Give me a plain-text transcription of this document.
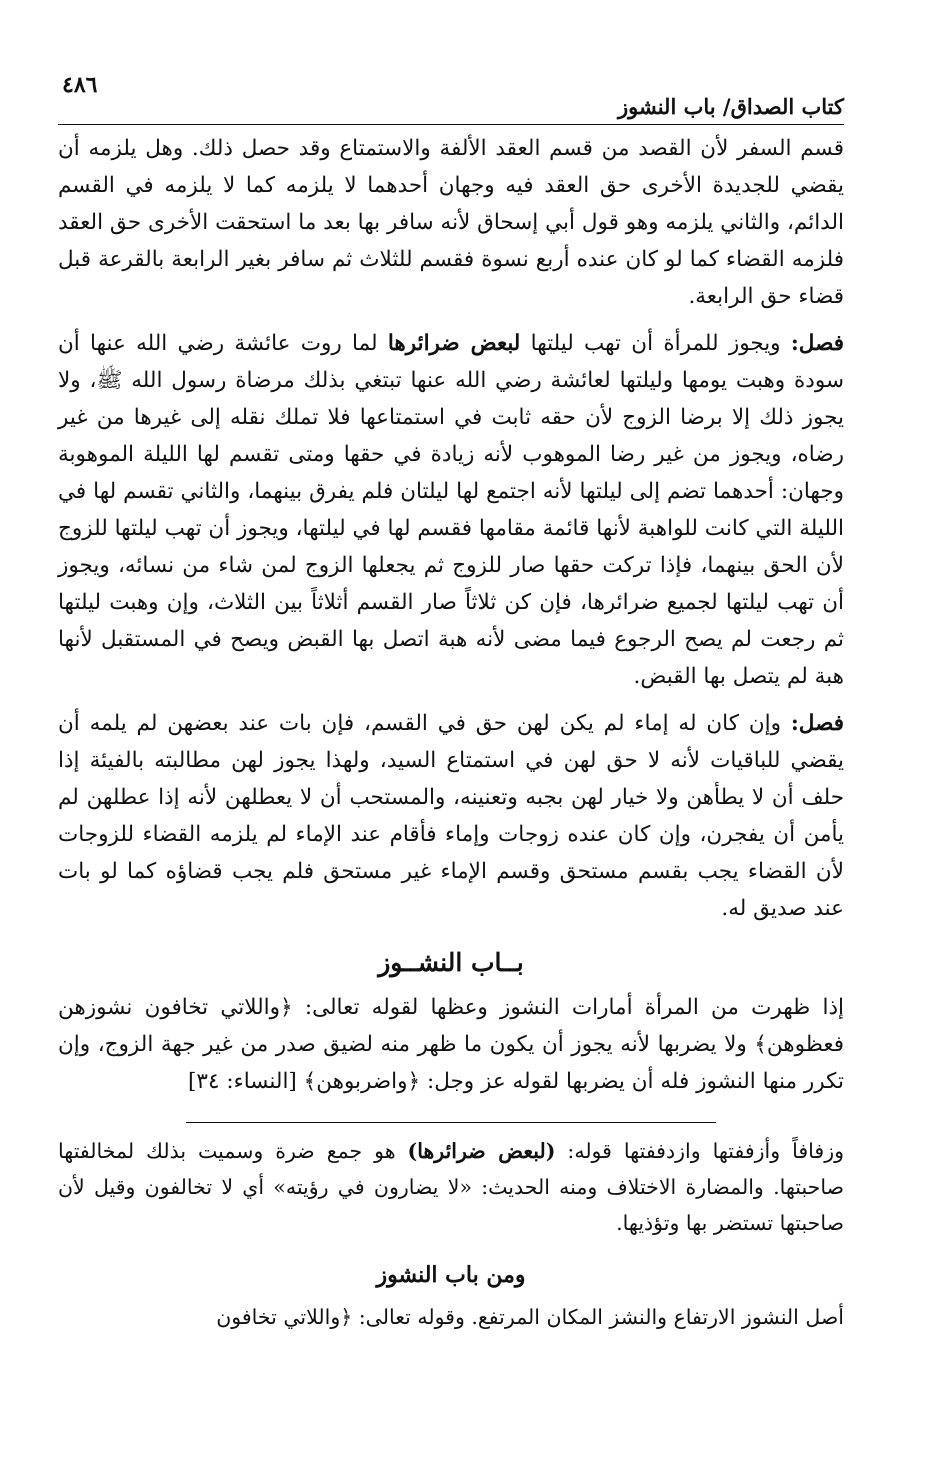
٤٨٦
كتاب الصداق/ باب النشوز

قسم السفر لأن القصد من قسم العقد الألفة والاستمتاع وقد حصل ذلك. وهل يلزمه أن يقضي للجديدة الأخرى حق العقد فيه وجهان أحدهما لا يلزمه كما لا يلزمه في القسم الدائم، والثاني يلزمه وهو قول أبي إسحاق لأنه سافر بها بعد ما استحقت الأخرى حق العقد فلزمه القضاء كما لو كان عنده أربع نسوة فقسم للثلاث ثم سافر بغير الرابعة بالقرعة قبل قضاء حق الرابعة.

فصل: ويجوز للمرأة أن تهب ليلتها لبعض ضرائرها لما روت عائشة رضي الله عنها أن سودة وهبت يومها وليلتها لعائشة رضي الله عنها تبتغي بذلك مرضاة رسول الله ﷺ، ولا يجوز ذلك إلا برضا الزوج لأن حقه ثابت في استمتاعها فلا تملك نقله إلى غيرها من غير رضاه، ويجوز من غير رضا الموهوب لأنه زيادة في حقها ومتى تقسم لها الليلة الموهوبة وجهان: أحدهما تضم إلى ليلتها لأنه اجتمع لها ليلتان فلم يفرق بينهما، والثاني تقسم لها في الليلة التي كانت للواهبة لأنها قائمة مقامها فقسم لها في ليلتها، ويجوز أن تهب ليلتها للزوج لأن الحق بينهما، فإذا تركت حقها صار للزوج ثم يجعلها الزوج لمن شاء من نسائه، ويجوز أن تهب ليلتها لجميع ضرائرها، فإن كن ثلاثاً صار القسم أثلاثاً بين الثلاث، وإن وهبت ليلتها ثم رجعت لم يصح الرجوع فيما مضى لأنه هبة اتصل بها القبض ويصح في المستقبل لأنها هبة لم يتصل بها القبض.

فصل: وإن كان له إماء لم يكن لهن حق في القسم، فإن بات عند بعضهن لم يلمه أن يقضي للباقيات لأنه لا حق لهن في استمتاع السيد، ولهذا يجوز لهن مطالبته بالفيئة إذا حلف أن لا يطأهن ولا خيار لهن بجبه وتعنينه، والمستحب أن لا يعطلهن لأنه إذا عطلهن لم يأمن أن يفجرن، وإن كان عنده زوجات وإماء فأقام عند الإماء لم يلزمه القضاء للزوجات لأن القضاء يجب بقسم مستحق وقسم الإماء غير مستحق فلم يجب قضاؤه كما لو بات عند صديق له.

بــاب النشــوز

إذا ظهرت من المرأة أمارات النشوز وعظها لقوله تعالى: ﴿واللاتي تخافون نشوزهن فعظوهن﴾ ولا يضربها لأنه يجوز أن يكون ما ظهر منه لضيق صدر من غير جهة الزوج، وإن تكرر منها النشوز فله أن يضربها لقوله عز وجل: ﴿واضربوهن﴾ [النساء: ٣٤]

وزفافاً وأزففتها وازدففتها قوله: (لبعض ضرائرها) هو جمع ضرة وسميت بذلك لمخالفتها صاحبتها. والمضارة الاختلاف ومنه الحديث: «لا يضارون في رؤيته» أي لا تخالفون وقيل لأن صاحبتها تستضر بها وتؤذيها.

ومن باب النشوز

أصل النشوز الارتفاع والنشز المكان المرتفع. وقوله تعالى: ﴿واللاتي تخافون
